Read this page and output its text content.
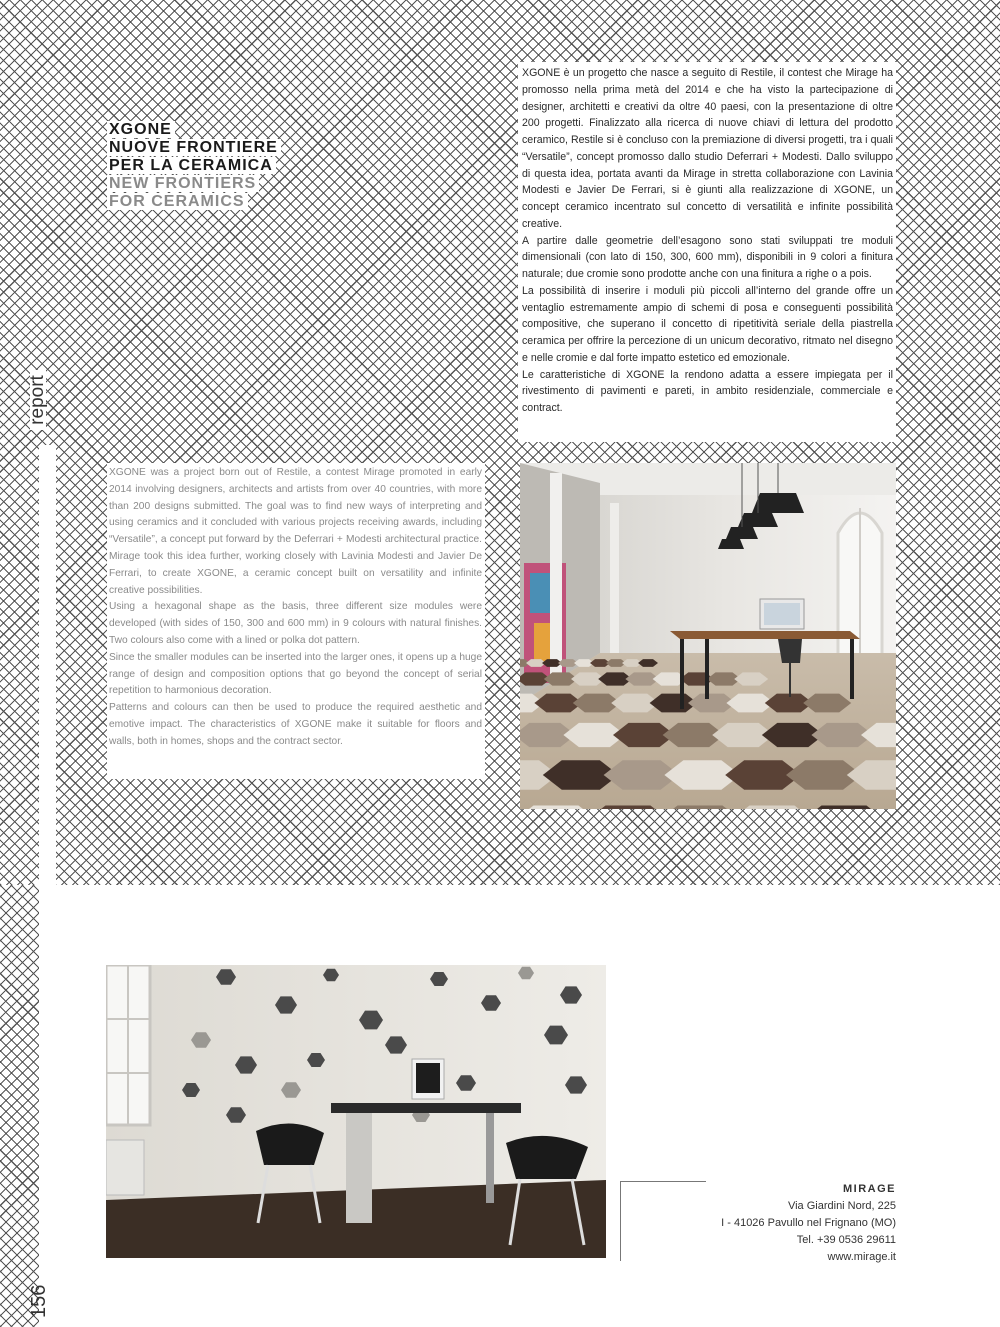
report
XGONE
NUOVE FRONTIERE
PER LA CERAMICA
NEW FRONTIERS
FOR CERAMICS

XGONE è un progetto che nasce a seguito di Restile, il contest che Mirage ha promosso nella prima metà del 2014 e che ha visto la partecipazione di designer, architetti e creativi da oltre 40 paesi, con la presentazione di oltre 200 progetti. Finalizzato alla ricerca di nuove chiavi di lettura del prodotto ceramico, Restile si è concluso con la premiazione di diversi progetti, tra i quali “Versatile”, concept promosso dallo studio Deferrari + Modesti. Dallo sviluppo di questa idea, portata avanti da Mirage in stretta collaborazione con Lavinia Modesti e Javier De Ferrari, si è giunti alla realizzazione di XGONE, un concept ceramico incentrato sul concetto di versatilità e infinite possibilità creative.

A partire dalle geometrie dell’esagono sono stati sviluppati tre moduli dimensionali (con lato di 150, 300, 600 mm), disponibili in 9 colori a finitura naturale; due cromie sono prodotte anche con una finitura a righe o a pois.

La possibilità di inserire i moduli più piccoli all’interno del grande offre un ventaglio estremamente ampio di schemi di posa e conseguenti possibilità compositive, che superano il concetto di ripetitività seriale della piastrella ceramica per offrire la percezione di un unicum decorativo, ritmato nel disegno e nelle cromie e dal forte impatto estetico ed emozionale.

Le caratteristiche di XGONE la rendono adatta a essere impiegata per il rivestimento di pavimenti e pareti, in ambito residenziale, commerciale e contract.

XGONE was a project born out of Restile, a contest Mirage promoted in early 2014 involving designers, architects and artists from over 40 countries, with more than 200 designs submitted. The goal was to find new ways of interpreting and using ceramics and it concluded with various projects receiving awards, including “Versatile”, a concept put forward by the Deferrari + Modesti architectural practice. Mirage took this idea further, working closely with Lavinia Modesti and Javier De Ferrari, to create XGONE, a ceramic concept built on versatility and infinite creative possibilities.

Using a hexagonal shape as the basis, three different size modules were developed (with sides of 150, 300 and 600 mm) in 9 colours with natural finishes. Two colours also come with a lined or polka dot pattern.

Since the smaller modules can be inserted into the larger ones, it opens up a huge range of design and composition options that go beyond the concept of serial repetition to harmonious decoration.

Patterns and colours can then be used to produce the required aesthetic and emotive impact. The characteristics of XGONE make it suitable for floors and walls, both in homes, shops and the contract sector.

MIRAGE
Via Giardini Nord, 225
I - 41026 Pavullo nel Frignano (MO)
Tel. +39 0536 29611
www.mirage.it
156
